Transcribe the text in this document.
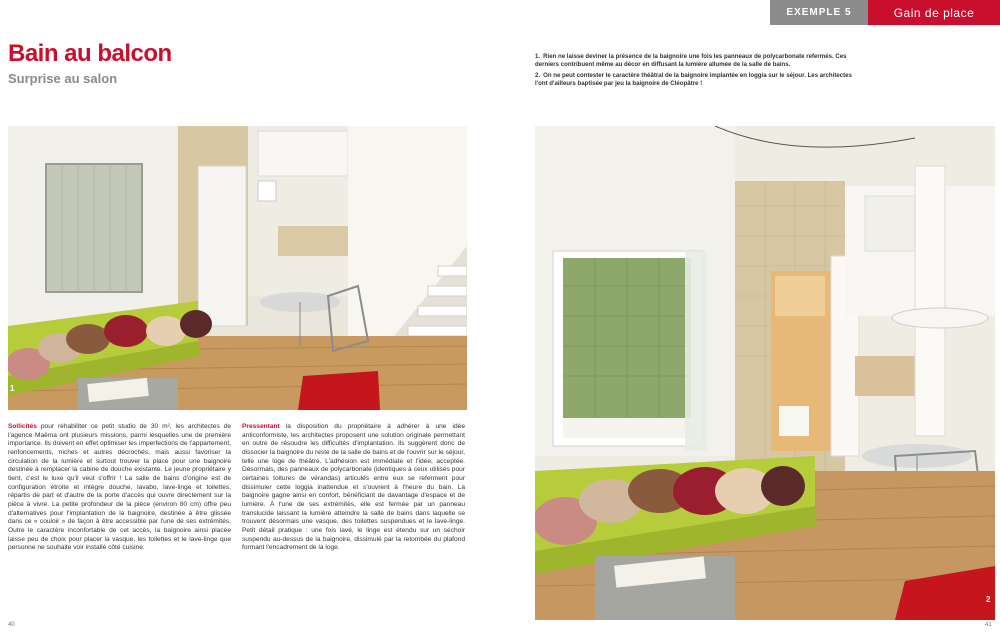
EXEMPLE 5	Gain de place
Bain au balcon
Surprise au salon
1. Rien ne laisse deviner la présence de la baignoire une fois les panneaux de polycarbonate refermés. Ces derniers contribuent même au décor en diffusant la lumière allumée de la salle de bains.
2. On ne peut contester le caractère théâtral de la baignoire implantée en loggia sur le séjour. Les architectes l'ont d'ailleurs baptisée par jeu la baignoire de Cléopâtre !
1
2
Sollicités pour réhabiliter ce petit studio de 30 m², les architectes de l'agence Maëma ont plusieurs missions, parmi lesquelles une de première importance. Ils doivent en effet optimiser les imperfections de l'appartement, renfoncements, niches et autres décrochés, mais aussi favoriser la circulation de la lumière et surtout trouver la place pour une baignoire destinée à remplacer la cabine de douche existante. Le jeune propriétaire y tient, c'est le luxe qu'il veut s'offrir ! La salle de bains d'origine est de configuration étroite et intègre douche, lavabo, lave-linge et toilettes, répartis de part et d'autre de la porte d'accès qui ouvre directement sur la pièce à vivre. La petite profondeur de la pièce (environ 80 cm) offre peu d'alternatives pour l'implantation de la baignoire, destinée à être glissée dans ce « couloir » de façon à être accessible par l'une de ses extrémités. Outre le caractère inconfortable de cet accès, la baignoire ainsi placée laisse peu de choix pour placer la vasque, les toilettes et le lave-linge que personne ne souhaite voir installé côté cuisine.
Pressentant la disposition du propriétaire à adhérer à une idée anticonformiste, les architectes proposent une solution originale permettant en outre de résoudre les difficultés d'implantation. Ils suggèrent donc de dissocier la baignoire du reste de la salle de bains et de l'ouvrir sur le séjour, telle une loge de théâtre. L'adhésion est immédiate et l'idée, acceptée. Désormais, des panneaux de polycarbonate (identiques à ceux utilisés pour certaines toitures de vérandas) articulés entre eux se referment pour dissimuler cette loggia inattendue et s'ouvrent à l'heure du bain. La baignoire gagne ainsi en confort, bénéficiant de davantage d'espace et de lumière. À l'une de ses extrémités, elle est fermée par un panneau translucide laissant la lumière atteindre la salle de bains dans laquelle se trouvent désormais une vasque, des toilettes suspendues et le lave-linge. Petit détail pratique : une fois lavé, le linge est étendu sur un séchoir suspendu au-dessus de la baignoire, dissimulé par la retombée du plafond formant l'encadrement de la loge.
40	41
